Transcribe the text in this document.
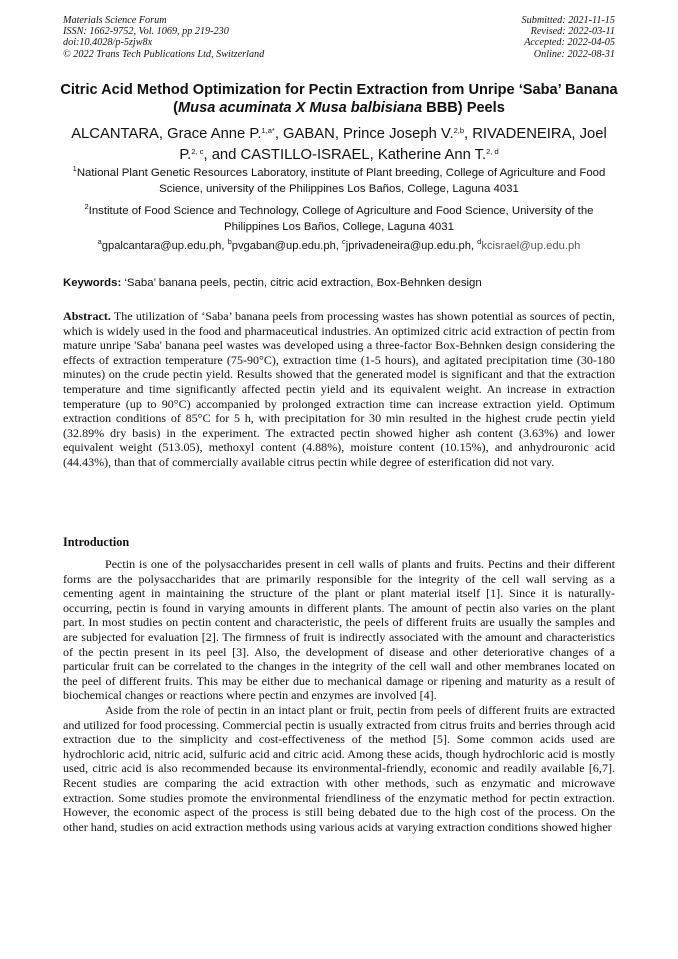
Materials Science Forum
ISSN: 1662-9752, Vol. 1069, pp 219-230
doi:10.4028/p-5zjw8x
© 2022 Trans Tech Publications Ltd, Switzerland
Submitted: 2021-11-15
Revised: 2022-03-11
Accepted: 2022-04-05
Online: 2022-08-31
Citric Acid Method Optimization for Pectin Extraction from Unripe ‘Saba’ Banana (Musa acuminata X Musa balbisiana BBB) Peels
ALCANTARA, Grace Anne P.$^{1,a*}$, GABAN, Prince Joseph V.$^{2,b}$, RIVADENEIRA, Joel P.$^{2, c}$, and CASTILLO-ISRAEL, Katherine Ann T.$^{2, d}$
$^1$National Plant Genetic Resources Laboratory, institute of Plant breeding, College of Agriculture and Food Science, university of the Philippines Los Baños, College, Laguna 4031
$^2$Institute of Food Science and Technology, College of Agriculture and Food Science, University of the Philippines Los Baños, College, Laguna 4031
$^a$gpalcantara@up.edu.ph, $^b$pvgaban@up.edu.ph, $^c$jprivadeneira@up.edu.ph, $^d$kcisrael@up.edu.ph
Keywords: ‘Saba’ banana peels, pectin, citric acid extraction, Box-Behnken design
Abstract. The utilization of ‘Saba’ banana peels from processing wastes has shown potential as sources of pectin, which is widely used in the food and pharmaceutical industries. An optimized citric acid extraction of pectin from mature unripe 'Saba' banana peel wastes was developed using a three-factor Box-Behnken design considering the effects of extraction temperature (75-90°C), extraction time (1-5 hours), and agitated precipitation time (30-180 minutes) on the crude pectin yield. Results showed that the generated model is significant and that the extraction temperature and time significantly affected pectin yield and its equivalent weight. An increase in extraction temperature (up to 90°C) accompanied by prolonged extraction time can increase extraction yield. Optimum extraction conditions of 85°C for 5 h, with precipitation for 30 min resulted in the highest crude pectin yield (32.89% dry basis) in the experiment. The extracted pectin showed higher ash content (3.63%) and lower equivalent weight (513.05), methoxyl content (4.88%), moisture content (10.15%), and anhydrouronic acid (44.43%), than that of commercially available citrus pectin while degree of esterification did not vary.
Introduction

Pectin is one of the polysaccharides present in cell walls of plants and fruits. Pectins and their different forms are the polysaccharides that are primarily responsible for the integrity of the cell wall serving as a cementing agent in maintaining the structure of the plant or plant material itself [1]. Since it is naturally-occurring, pectin is found in varying amounts in different plants. The amount of pectin also varies on the plant part. In most studies on pectin content and characteristic, the peels of different fruits are usually the samples and are subjected for evaluation [2]. The firmness of fruit is indirectly associated with the amount and characteristics of the pectin present in its peel [3]. Also, the development of disease and other deteriorative changes of a particular fruit can be correlated to the changes in the integrity of the cell wall and other membranes located on the peel of different fruits. This may be either due to mechanical damage or ripening and maturity as a result of biochemical changes or reactions where pectin and enzymes are involved [4].

Aside from the role of pectin in an intact plant or fruit, pectin from peels of different fruits are extracted and utilized for food processing. Commercial pectin is usually extracted from citrus fruits and berries through acid extraction due to the simplicity and cost-effectiveness of the method [5]. Some common acids used are hydrochloric acid, nitric acid, sulfuric acid and citric acid. Among these acids, though hydrochloric acid is mostly used, citric acid is also recommended because its environmental-friendly, economic and readily available [6,7]. Recent studies are comparing the acid extraction with other methods, such as enzymatic and microwave extraction. Some studies promote the environmental friendliness of the enzymatic method for pectin extraction. However, the economic aspect of the process is still being debated due to the high cost of the process. On the other hand, studies on acid extraction methods using various acids at varying extraction conditions showed higher
